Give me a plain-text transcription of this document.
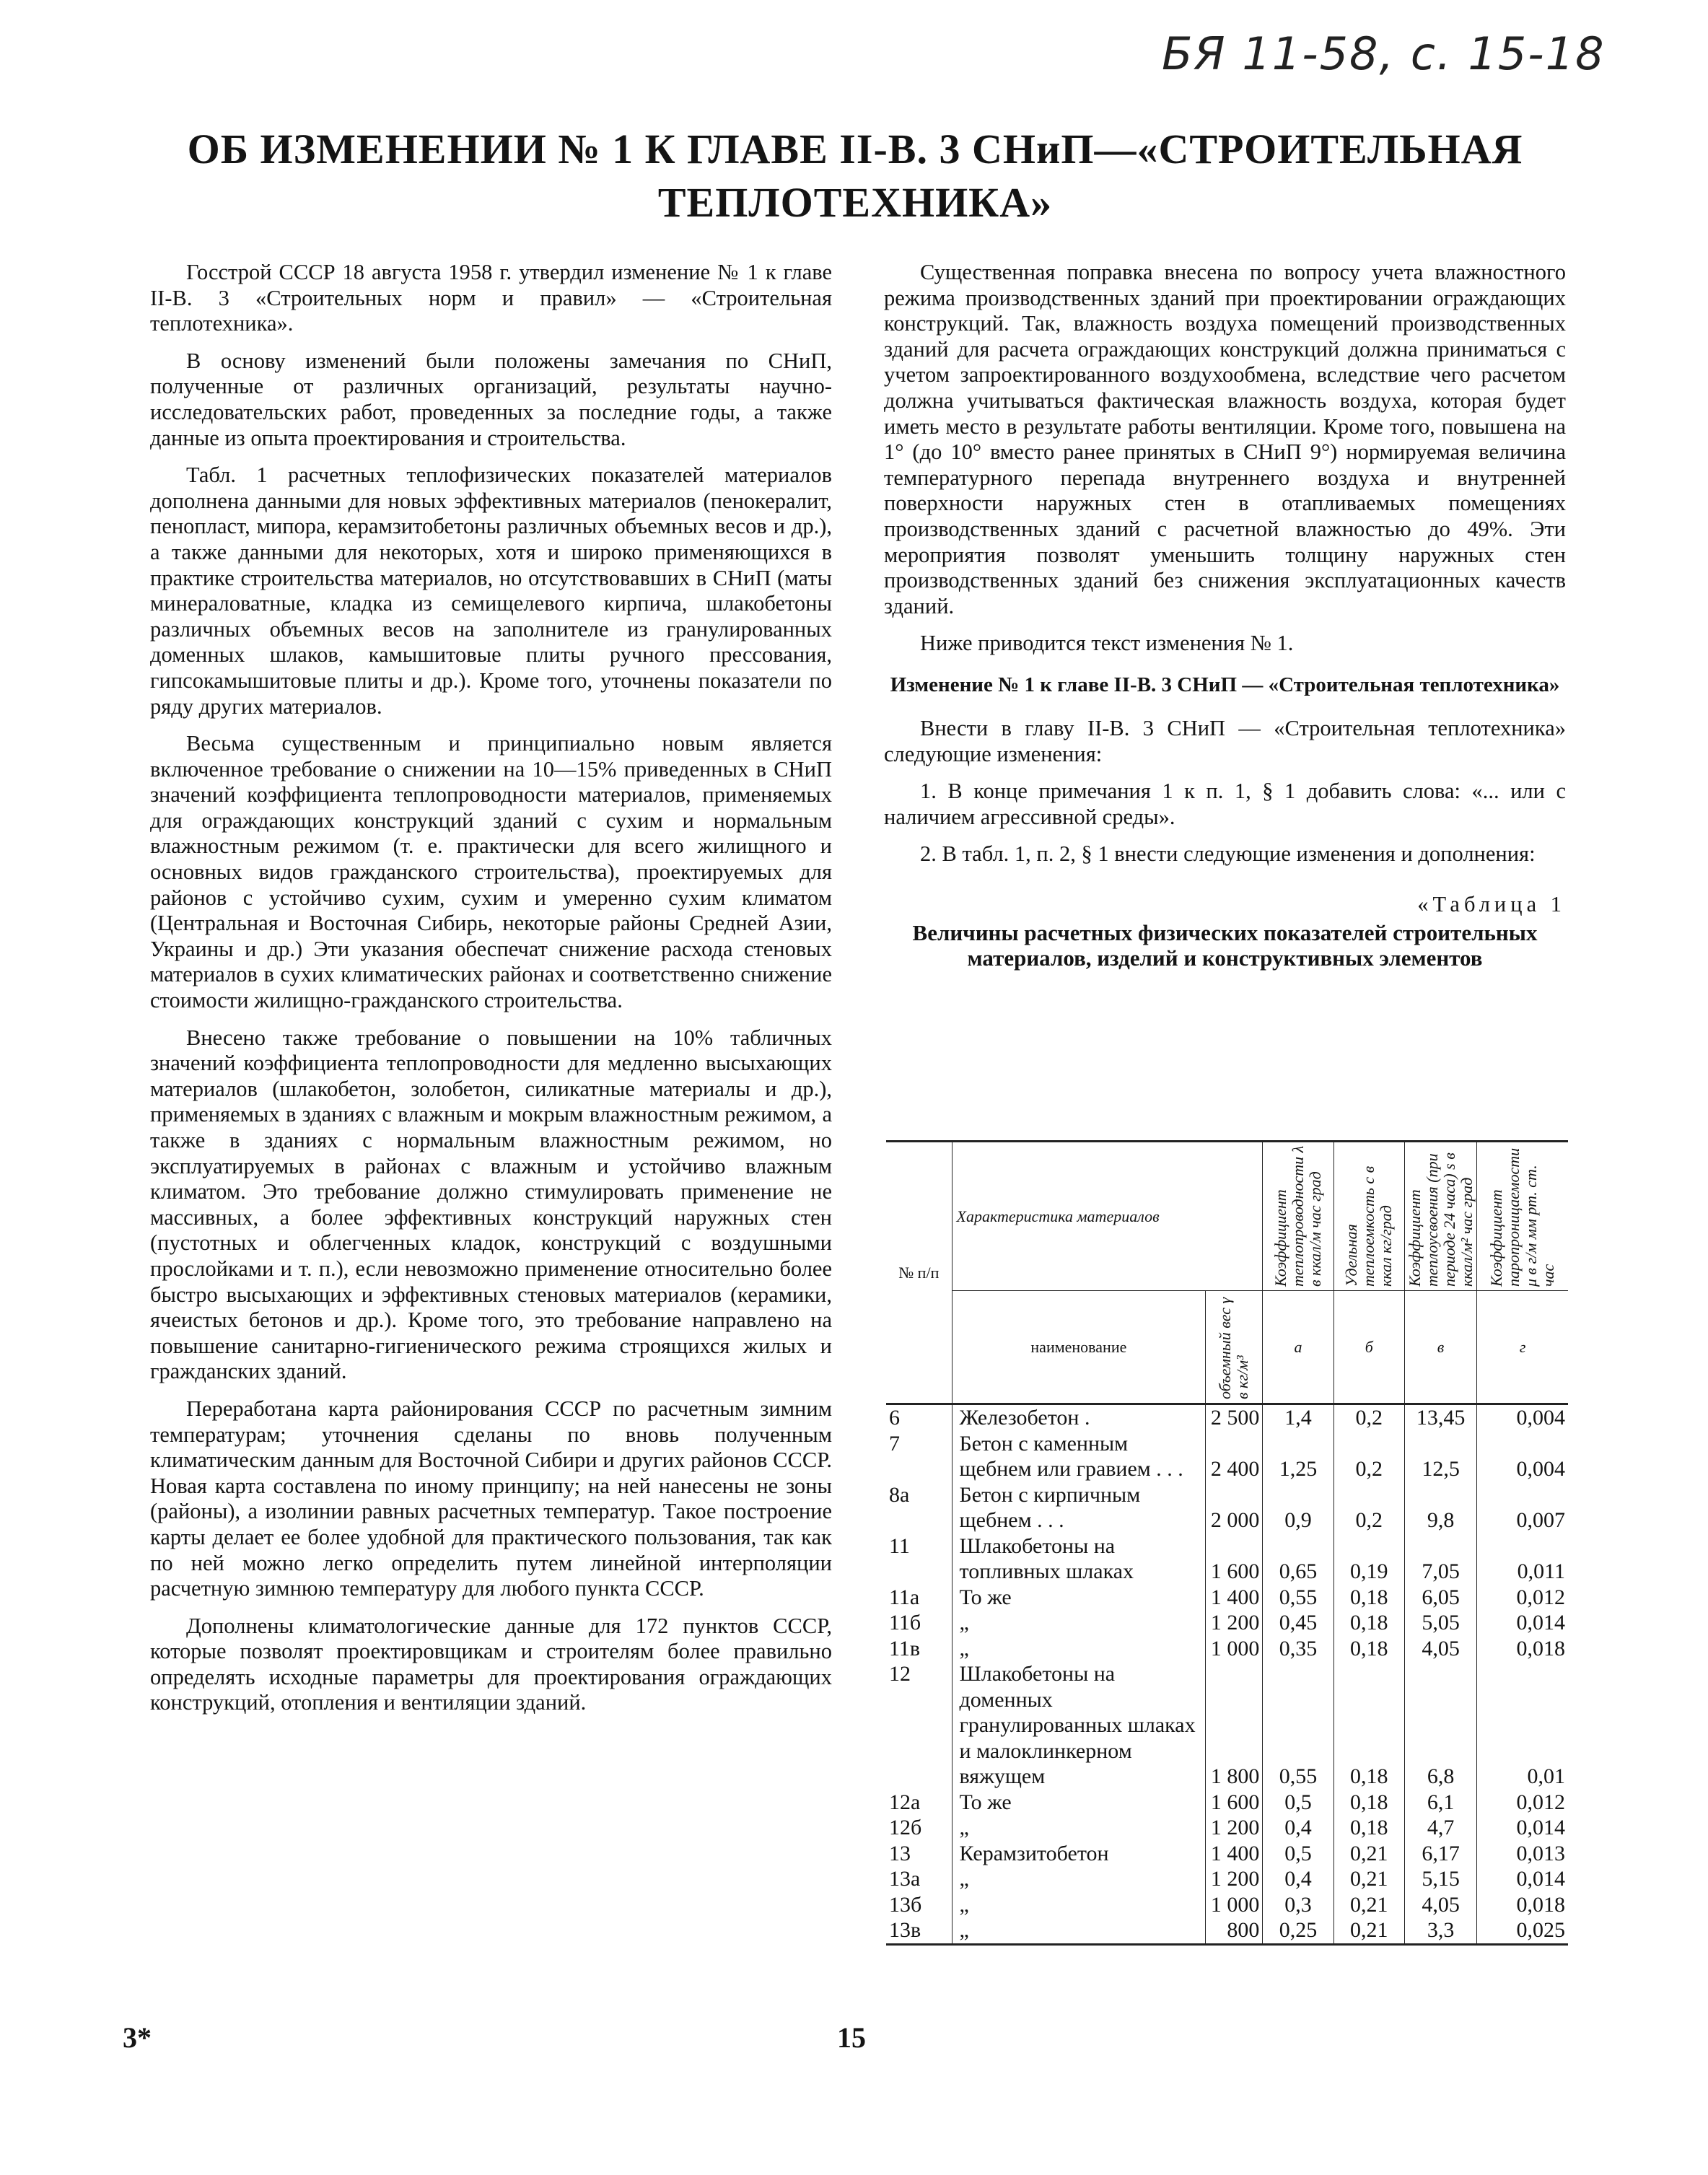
БЯ 11-58, с. 15-18
ОБ ИЗМЕНЕНИИ № 1 К ГЛАВЕ II-В. 3 СНиП—«СТРОИТЕЛЬНАЯ ТЕПЛОТЕХНИКА»

Госстрой СССР 18 августа 1958 г. утвердил изменение № 1 к главе II-В. 3 «Строительных норм и правил» — «Строительная теплотехника».

В основу изменений были положены замечания по СНиП, полученные от различных организаций, результаты научно-исследовательских работ, проведенных за последние годы, а также данные из опыта проектирования и строительства.

Табл. 1 расчетных теплофизических показателей материалов дополнена данными для новых эффективных материалов (пенокералит, пенопласт, мипора, керамзитобетоны различных объемных весов и др.), а также данными для некоторых, хотя и широко применяющихся в практике строительства материалов, но отсутствовавших в СНиП (маты минераловатные, кладка из семищелевого кирпича, шлакобетоны различных объемных весов на заполнителе из гранулированных доменных шлаков, камышитовые плиты ручного прессования, гипсокамышитовые плиты и др.). Кроме того, уточнены показатели по ряду других материалов.

Весьма существенным и принципиально новым является включенное требование о снижении на 10—15% приведенных в СНиП значений коэффициента теплопроводности материалов, применяемых для ограждающих конструкций зданий с сухим и нормальным влажностным режимом (т. е. практически для всего жилищного и основных видов гражданского строительства), проектируемых для районов с устойчиво сухим, сухим и умеренно сухим климатом (Центральная и Восточная Сибирь, некоторые районы Средней Азии, Украины и др.) Эти указания обеспечат снижение расхода стеновых материалов в сухих климатических районах и соответственно снижение стоимости жилищно-гражданского строительства.

Внесено также требование о повышении на 10% табличных значений коэффициента теплопроводности для медленно высыхающих материалов (шлакобетон, золобетон, силикатные материалы и др.), применяемых в зданиях с влажным и мокрым влажностным режимом, а также в зданиях с нормальным влажностным режимом, но эксплуатируемых в районах с влажным и устойчиво влажным климатом. Это требование должно стимулировать применение не массивных, а более эффективных конструкций наружных стен (пустотных и облегченных кладок, конструкций с воздушными прослойками и т. п.), если невозможно применение относительно более быстро высыхающих и эффективных стеновых материалов (керамики, ячеистых бетонов и др.). Кроме того, это требование направлено на повышение санитарно-гигиенического режима строящихся жилых и гражданских зданий.

Переработана карта районирования СССР по расчетным зимним температурам; уточнения сделаны по вновь полученным климатическим данным для Восточной Сибири и других районов СССР. Новая карта составлена по иному принципу; на ней нанесены не зоны (районы), а изолинии равных расчетных температур. Такое построение карты делает ее более удобной для практического пользования, так как по ней можно легко определить путем линейной интерполяции расчетную зимнюю температуру для любого пункта СССР.

Дополнены климатологические данные для 172 пунктов СССР, которые позволят проектировщикам и строителям более правильно определять исходные параметры для проектирования ограждающих конструкций, отопления и вентиляции зданий.

Существенная поправка внесена по вопросу учета влажностного режима производственных зданий при проектировании ограждающих конструкций. Так, влажность воздуха помещений производственных зданий для расчета ограждающих конструкций должна приниматься с учетом запроектированного воздухообмена, вследствие чего расчетом должна учитываться фактическая влажность воздуха, которая будет иметь место в результате работы вентиляции. Кроме того, повышена на 1° (до 10° вместо ранее принятых в СНиП 9°) нормируемая величина температурного перепада внутреннего воздуха и внутренней поверхности наружных стен в отапливаемых помещениях производственных зданий с расчетной влажностью до 49%. Эти мероприятия позволят уменьшить толщину наружных стен производственных зданий без снижения эксплуатационных качеств зданий.

Ниже приводится текст изменения № 1.

Изменение № 1 к главе II-В. 3 СНиП — «Строительная теплотехника»

Внести в главу II-В. 3 СНиП — «Строительная теплотехника» следующие изменения:

1. В конце примечания 1 к п. 1, § 1 добавить слова: «... или с наличием агрессивной среды».

2. В табл. 1, п. 2, § 1 внести следующие изменения и дополнения:

«Таблица 1
Величины расчетных физических показателей строительных материалов, изделий и конструктивных элементов
№ п/п	Характеристика материалов		Коэффициент теплопроводности λ в ккал/м час град	Удельная теплоемкость с в ккал кг/град	Коэффициент теплоусвоения (при периоде 24 часа) s в ккал/м² час град	Коэффициент паропроницаемости μ в г/м мм рт. ст. час
	наименование	объемный вес γ в кг/м³	а	б	в	г
6	Железобетон .	2 500	1,4	0,2	13,45	0,004
7	Бетон с каменным щебнем или гравием . . .	2 400	1,25	0,2	12,5	0,004
8а	Бетон с кирпичным щебнем . . .	2 000	0,9	0,2	9,8	0,007
11	Шлакобетоны на топливных шлаках	1 600	0,65	0,19	7,05	0,011
11а	То же	1 400	0,55	0,18	6,05	0,012
11б	„	1 200	0,45	0,18	5,05	0,014
11в	„	1 000	0,35	0,18	4,05	0,018
12	Шлакобетоны на доменных гранулированных шлаках и малоклинкерном вяжущем	1 800	0,55	0,18	6,8	0,01
12а	То же	1 600	0,5	0,18	6,1	0,012
12б	„	1 200	0,4	0,18	4,7	0,014
13	Керамзитобетон	1 400	0,5	0,21	6,17	0,013
13а	„	1 200	0,4	0,21	5,15	0,014
13б	„	1 000	0,3	0,21	4,05	0,018
13в	„	800	0,25	0,21	3,3	0,025
3*	15
